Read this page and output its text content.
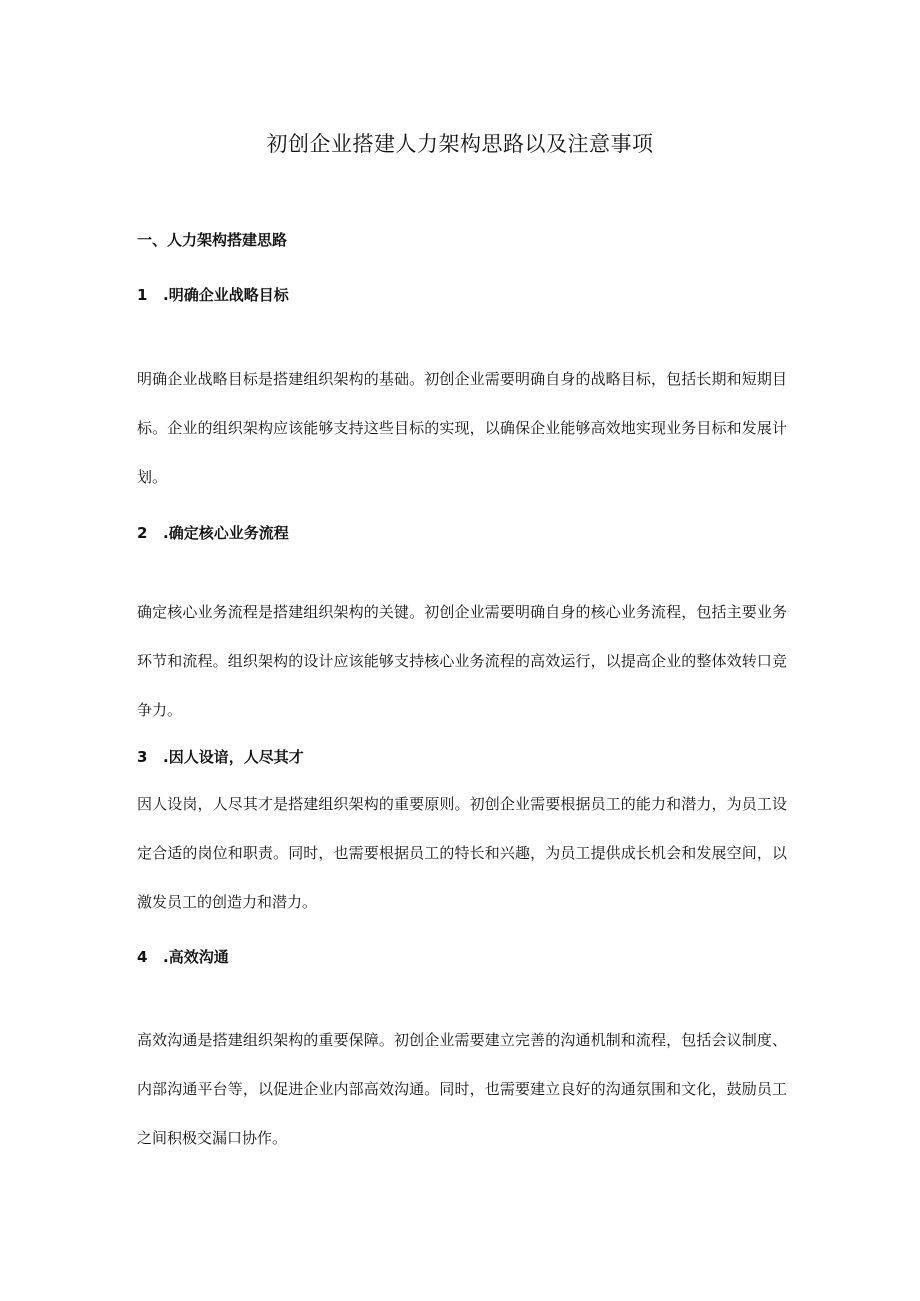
初创企业搭建人力架构思路以及注意事项
一、人力架构搭建思路
1 .明确企业战略目标

明确企业战略目标是搭建组织架构的基础。初创企业需要明确自身的战略目标，包括长期和短期目标。企业的组织架构应该能够支持这些目标的实现，以确保企业能够高效地实现业务目标和发展计划。

2 .确定核心业务流程

确定核心业务流程是搭建组织架构的关键。初创企业需要明确自身的核心业务流程，包括主要业务环节和流程。组织架构的设计应该能够支持核心业务流程的高效运行，以提高企业的整体效转口竞争力。

3 .因人设谙，人尽其才

因人设岗，人尽其才是搭建组织架构的重要原则。初创企业需要根据员工的能力和潜力，为员工设定合适的岗位和职责。同时，也需要根据员工的特长和兴趣，为员工提供成长机会和发展空间，以激发员工的创造力和潜力。

4 .高效沟通

高效沟通是搭建组织架构的重要保障。初创企业需要建立完善的沟通机制和流程，包括会议制度、内部沟通平台等，以促进企业内部高效沟通。同时，也需要建立良好的沟通氛围和文化，鼓励员工之间积极交漏口协作。
